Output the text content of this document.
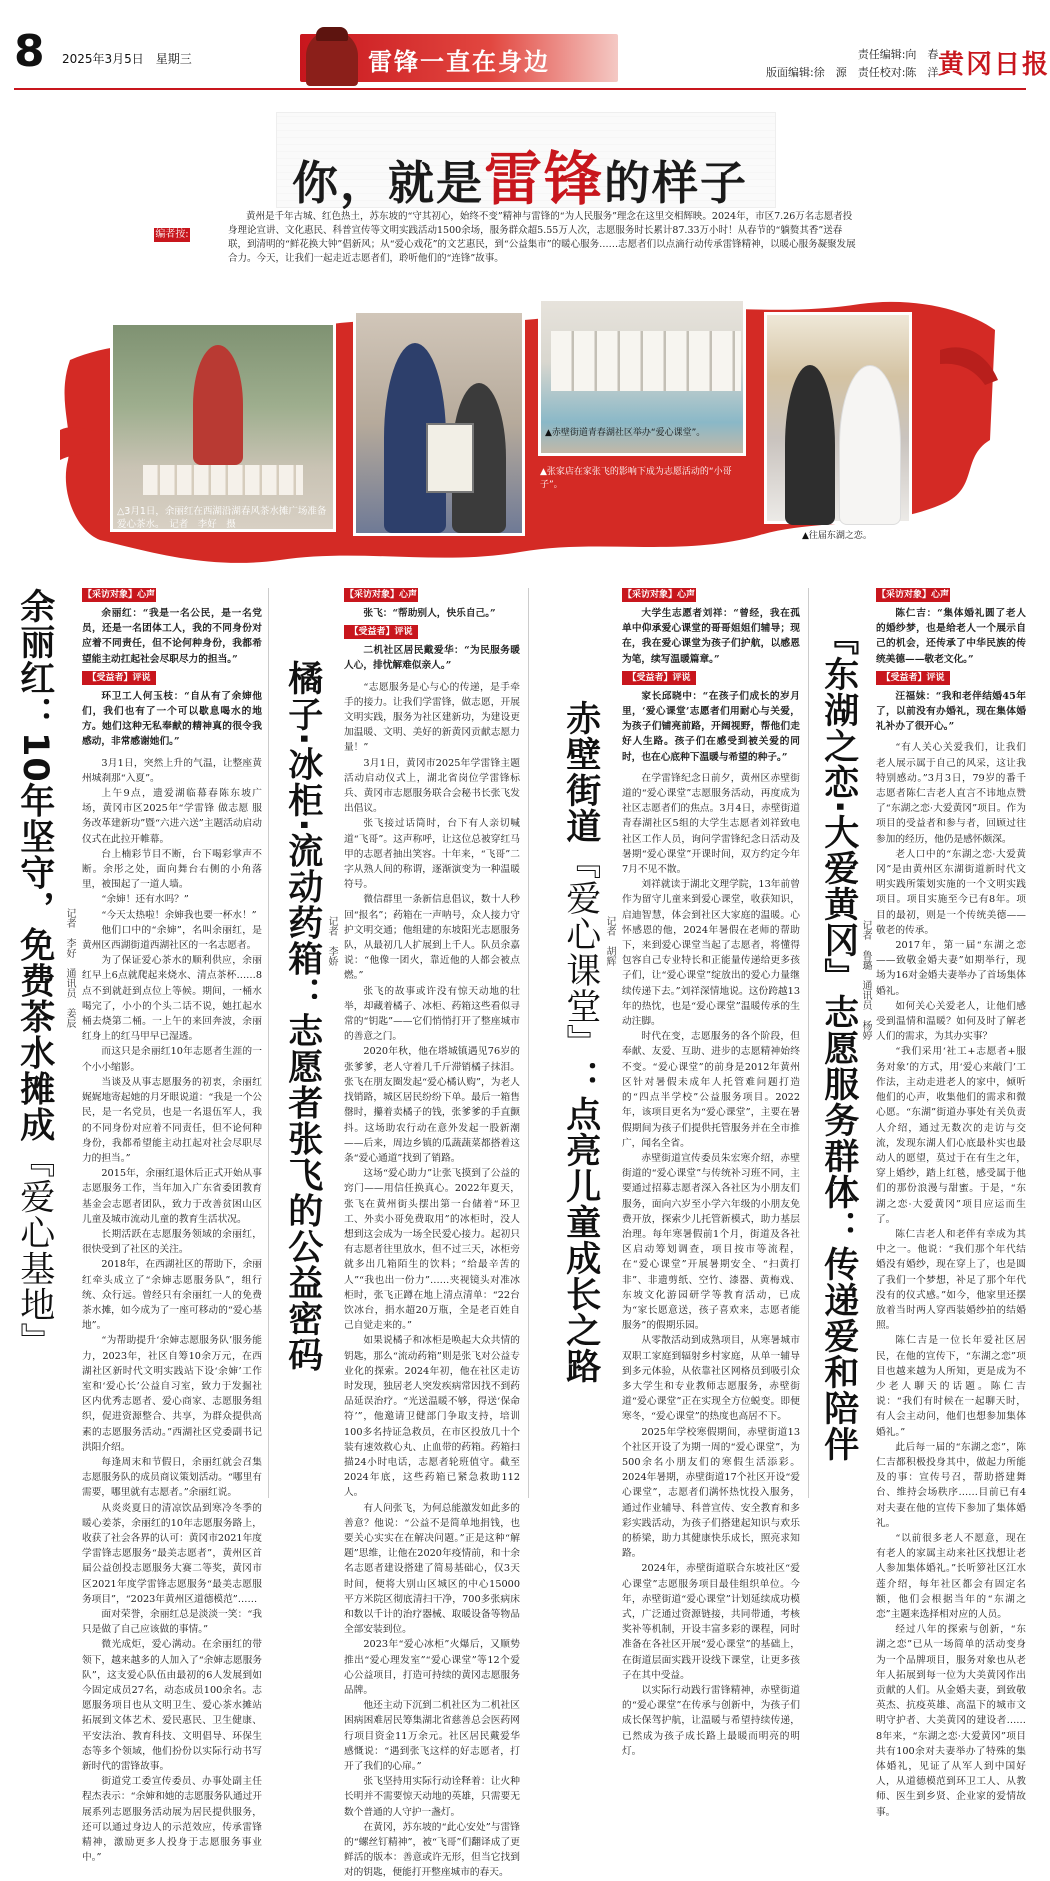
8 2025年3月5日　星期三	雷锋一直在身边	责任编辑:向　春
版面编辑:徐　源　责任校对:陈　洋 黄冈日报
你，就是雷锋的样子
编者按:
黄州是千年古城、红色热土，苏东坡的“守其初心，始终不变”精神与雷锋的“为人民服务”理念在这里交相辉映。2024年，市区7.26万名志愿者投身理论宣讲、文化惠民、科普宣传等文明实践活动1500余场，服务群众超5.55万人次，志愿服务时长累计87.33万小时！从春节的“躺赘其香”送春联，到清明的“鲜花换大钟”倡新风；从“爱心戏花”的文艺惠民，到“公益集市”的暖心服务……志愿者们以点滴行动传承雷锋精神，以暖心服务凝聚发展合力。今天，让我们一起走近志愿者们，聆听他们的“连锋”故事。
△3月1日，余丽红在西湖沿湖春风茶水摊广场准备爱心茶水。　记者　李好　摄
▲赤壁街道青春湖社区举办“爱心课堂”。
▲张家店在家张飞的影响下成为志愿活动的“小哥子”。
▲往届东湖之恋。
余丽红：10年坚守，免费茶水摊成『爱心基地』
记者　李好　通讯员　姜辰
【采访对象】心声

余丽红：“我是一名公民，是一名党员，还是一名团体工人，我的不同身份对应着不同责任，但不论何种身份，我都希望能主动扛起社会尽职尽力的担当。”

【受益者】评说

环卫工人何玉枝：“自从有了余婶他们，我们也有了一个可以歇息喝水的地方。她们这种无私奉献的精神真的很令我感动，非常感谢她们。”

3月1日，突然上升的气温，让整座黄州城刹那“入夏”。

上午9点，遗爱湖临幕春陈东坡广场，黄冈市区2025年“学雷锋 做志愿 服务改革建新功”暨“六进六送”主题活动启动仪式在此拉开帷幕。

台上楠彩节目不断，台下喝彩掌声不断。余彤之处，面向舞台右侧的小角落里，被围起了一道人墙。

“余婶！还有水吗？”

“今天太热啦！余婶我也要一杯水！”

他们口中的“余婶”，名叫余丽红，是黄州区西湖街道西湖社区的一名志愿者。

为了保证爱心茶水的顺利供应，余丽红早上6点就爬起来烧水、清点茶杯……8点不到就赶到点位上等候。期间，一桶水喝完了，小小的个头二话不说，她扛起水桶去烧第二桶。一上午的来回奔波，余丽红身上的红马甲早已湿透。

而这只是余丽红10年志愿者生涯的一个小小缩影。

当谈及从事志愿服务的初衷，余丽红娓娓地寄起她的月牙眼说道：“我是一个公民，是一名党员，也是一名退伍军人，我的不同身份对应着不同责任，但不论何种身份，我都希望能主动扛起对社会尽职尽力的担当。”

2015年，余丽红退休后正式开始从事志愿服务工作，当年加入广东省委团教育基金会志愿者团队，致力于改善贫困山区儿童及城市流动儿童的教育生活状况。

长期活跃在志愿服务领域的余丽红，很快受到了社区的关注。

2018年，在西湖社区的帮助下，余丽红牵头成立了“余婶志愿服务队”，组行统、众行远。曾经只有余丽红一人的免费茶水摊，如今成为了一座可移动的“爱心基地”。

“为帮助提升‘余婶志愿服务队’服务能力，2023年，社区自筹10余万元，在西湖社区新时代文明实践站下设‘余婶’工作室和‘爱心长’公益自习室，致力于发掘社区内优秀志愿者、爱心商家、志愿服务组织，促进资源整合、共享，为群众提供高素的志愿服务活动。”西湖社区党委副书记洪阳介绍。

每逢周末和节假日，余丽红就会召集志愿服务队的成员商议策划活动。“哪里有需要，哪里就有志愿者。”余丽红说。

从炎炎夏日的清凉饮品到寒冷冬季的暖心姜茶，余丽红的10年志愿服务路上，收获了社会各界的认可：黄冈市2021年度学雷锋志愿服务“最美志愿者”，黄州区首届公益创投志愿服务大赛二等奖，黄冈市区2021年度学雷锋志愿服务“最美志愿服务项目”，“2023年黄州区道德模范”……

面对荣誉，余丽红总是淡淡一笑：“我只是做了自己应该做的事情。”

微光成炬，爱心满动。在余丽红的带领下，越来越多的人加入了“余婶志愿服务队”，这支爱心队伍由最初的6人发展到如今固定成员27名，动态成员100余名。志愿服务项目也从文明卫生、爱心茶水摊站拓展到文体艺术、爱民惠民、卫生健康、平安法治、教育科技、文明倡导、环保生态等多个领域，他们扮份以实际行动书写新时代的雷锋故事。

街道党工委宣传委员、办事处副主任程杰表示：“余婶和她的志愿服务队通过开展系列志愿服务活动展为居民提供服务，还可以通过身边人的示范效应，传承雷锋精神，激励更多人投身于志愿服务事业中。”

橘子·冰柜·流动药箱：志愿者张飞的公益密码 记者　李娇
【采访对象】心声

张飞：“帮助别人，快乐自己。”

【受益者】评说

二机社区居民戴爱华：“为民服务暖人心，排忧解难似亲人。”

“志愿服务是心与心的传递，是手牵手的接力。让我们学雷锋，做志愿，开展文明实践，服务为社区建新功，为建设更加温暖、文明、美好的新黄冈贡献志愿力量！”

3月1日，黄冈市2025年学雷锋主题活动启动仪式上，湖北省岗位学雷锋标兵、黄冈市志愿服务联合会秘书长张飞发出倡议。

张飞接过话筒时，台下有人亲切喊道“飞哥”。这声称呼，让这位总被穿红马甲的志愿者抽出笑容。十年来，“飞哥”二字从熟人间的称谓，逐渐演变为一种温暖符号。

微信群里一条新信息倡议，数十人秒回“报名”；药箱在一声呐号，众人接力守护文明交通；他组建的东坡阳光志愿服务队，从最初几人扩展到上千人。队员余嘉说：“他像一团火，靠近他的人都会被点燃。”

张飞的故事或许没有惊天动地的壮举，却藏着橘子、冰柜、药箱这些看似寻常的“钥匙”——它们悄悄打开了整座城市的善意之门。

2020年秋，他在塔城镇遇见76岁的张爹爹，老人守着几千斤滞销橘子抹泪。张飞在朋友圈发起“爱心橘认购”，为老人找销路，城区居民纷纷下单。最后一箱售罄时，攥着卖橘子的钱，张爹爹的手直颤抖。这场助农行动在意外发起一股新潮——后来，周边乡镇的瓜蔬蔬菜都搭着这条“爱心通道”找到了销路。

这场“爱心助力”让张飞摸到了公益的窍门——用信任换真心。2022年夏天，张飞在黄州街头摆出第一台储着“环卫工、外卖小哥免费取用”的冰柜时，没人想到这会成为一场全民爱心接力。起初只有志愿者往里放水，但不过三天，冰柜旁就多出几箱陌生的饮料；“给最辛苦的人”“我也出一份力”……夹视镜头对准冰柜时，张飞正蹲在地上清点清单：“22台饮冰台，捐水超20万瓶，全是老百姓自己自觉走来的。”

如果说橘子和冰柜是唤起大众共情的钥匙，那么“流动药箱”则是张飞对公益专业化的探索。2024年初，他在社区走访时发现，独居老人突发疾病常因找不到药品延误治疗。“光送温暖不够，得送‘保命符’”，他邀请卫健部门争取支持，培训100多名持证急救员，在市区投放几十个装有速效救心丸、止血带的药箱。药箱扫描24小时电话，志愿者轮班值守。截至2024年底，这些药箱已紧急救助112人。

有人问张飞，为何总能激发如此多的善意？他说：“公益不是简单地捐钱，也要关心实实在在解决问题。”正是这种“解题”思维，让他在2020年疫情前，和十余名志愿者建设搭建了简易基础心，仅3天时间，便将大别山区城区的中心15000平方米院区彻底清扫干净，700多张病床和数以千计的治疗器械、取暖设备等物品全部安装到位。

2023年“爱心冰柜”火爆后，又顺势推出“爱心理发室”“爱心课堂”等12个爱心公益项目，打造可持续的黄冈志愿服务品牌。

他还主动下沉到二机社区为二机社区困病困难居民筹集湖北省慈善总会医药网行项目资金11万余元。社区居民戴爱华感慨说：“遇到张飞这样的好志愿者，打开了我们的心扉。”

张飞坚持用实际行动诠释着：让火种长明并不需要惊天动地的英雄，只需要无数个普通的人守护一盏灯。

在黄冈，苏东坡的“此心安处”与雷锋的“螺丝钉精神”，被“飞哥”们翻译成了更鲜活的版本：善意或许无形，但当它找到对的钥匙，便能打开整座城市的春天。

赤壁街道『爱心课堂』：点亮儿童成长之路
记者　胡辉
【采访对象】心声

大学生志愿者刘祥：“曾经，我在孤单中仰承爱心课堂的哥哥姐姐们辅导；现在，我在爱心课堂为孩子们护航，以感恩为笔，续写温暖篇章。”

【受益者】评说

家长邱晓中：“在孩子们成长的岁月里，‘爱心课堂’志愿者们用耐心与关爱，为孩子们铺亮前路，开阔视野，帮他们走好人生路。孩子们在感受到被关爱的同时，也在心底种下温暖与希望的种子。”

在学雷锋纪念日前夕，黄州区赤壁街道的“爱心课堂”志愿服务活动，再度成为社区志愿者们的焦点。3月4日，赤壁街道青春湖社区5组的大学生志愿者刘祥致电社区工作人员，询问学雷锋纪念日活动及暑期“爱心课堂”开课时间，双方约定今年7月不见不散。

刘祥就读于湖北文理学院，13年前曾作为留守儿童来到爱心课堂，收获知识，启迪智慧，体会到社区大家庭的温暖。心怀感恩的他，2024年暑假在老师的帮助下，来到爱心课堂当起了志愿者，将懂得包容自己专业特长和正能量传递给更多孩子们，让“爱心课堂”绽放出的爱心力量继续传递下去。”刘祥深情地说。这份跨越13年的热忱，也是“爱心课堂”温暖传承的生动注脚。

时代在变，志愿服务的各个阶段，但奉献、友爱、互助、进步的志愿精神始终不变。“爱心课堂”的前身是2012年黄州区针对暑假未成年人托管难问题打造的“四点半学校”公益服务项目。2022年，该项目更名为“爱心课堂”，主要在暑假期间为孩子们提供托管服务并在全市推广，闻名全省。

赤壁街道宣传委员朱宏寒介绍，赤壁街道的“爱心课堂”与传统补习班不同，主要通过招募志愿者深入各社区为小朋友们服务，面向六岁至小学六年级的小朋友免费开放，探索少儿托管新模式，助力基层治理。每年寒暑假前1个月，街道及各社区启动筹划调查，项目按市等流程，在“爱心课堂”开展暑期安全、“扫黄打非”、非遗剪纸、空竹、漆器、黄梅戏、东坡文化游园研学等教育活动，已成为“家长愿意送，孩子喜欢来，志愿者能服务”的假期乐园。

从零散活动到成熟项目，从寒暑城市双职工家庭到辐射乡村家庭，从单一辅导到多元体验，从依靠社区网格员到吸引众多大学生和专业教师志愿服务，赤壁街道“爱心课堂”正在实现全方位蜕变。即便寒冬，“爱心课堂”的热度也高居不下。

2025年学校寒假期间，赤壁街道13个社区开设了为期一周的“爱心课堂”，为500余名小朋友们的寒假生活添彩。2024年暑期，赤壁街道17个社区开设“爱心课堂”，志愿者们满怀热忱投入服务，通过作业辅导、科普宣传、安全教育和多彩实践活动，为孩子们搭建起知识与欢乐的桥梁，助力其健康快乐成长，照亮求知路。

2024年，赤壁街道联合东坡社区“爱心课堂”志愿服务项目最佳组织单位。今年，赤壁街道“爱心课堂”计划延续成功模式，广泛通过资源链接，共同带通，考核奖补等机制，开设丰富多彩的课程，同时准备在各社区开展“爱心课堂”的基础上，在街道层面实践开设线下课堂，让更多孩子在其中受益。

以实际行动践行雷锋精神，赤壁街道的“爱心课堂”在传承与创新中，为孩子们成长保驾护航，让温暖与希望持续传递，已然成为孩子成长路上最暖而明亮的明灯。

『东湖之恋·大爱黄冈』志愿服务群体：传递爱和陪伴 记者　鲁璐　通讯员　杨婷
【采访对象】心声

陈仁吉：“集体婚礼圆了老人的婚纱梦，也是给老人一个展示自己的机会，还传承了中华民族的传统美德——敬老文化。”

【受益者】评说

汪福妹：“我和老伴结婚45年了，以前没有办婚礼，现在集体婚礼补办了很开心。”

“有人关心关爱我们，让我们老人展示属于自己的风采，这让我特别感动。”3月3日，79岁的番千志愿者陈仁吉老人直言不讳地点赞了“东湖之恋·大爱黄冈”项目。作为项目的受益者和参与者，回顾过往参加的经历，他仍是感怀颇深。

老人口中的“东湖之恋·大爱黄冈”是由黄州区东湖街道新时代文明实践所策划实施的一个文明实践项目。项目实施至今已有8年。项目的最初，则是一个传统美德——敬老的传承。

2017年，第一届“东湖之恋——致敬金婚夫妻”如期举行，现场为16对金婚夫妻举办了首场集体婚礼。

如何关心关爱老人，让他们感受到温情和温暖？如何及时了解老人们的需求，为其办实事？

“我们采用‘社工+志愿者+服务对象’的方式，用‘爱心来敲门’工作法，主动走进老人的家中，倾听他们的心声，收集他们的需求和微心愿。“东湖”街道办事处有关负责人介绍，通过无数次的走访与交流，发现东湖人们心底最朴实也最动人的愿望，莫过于在有生之年，穿上婚纱，踏上红毯，感受属于他们的那份浪漫与甜蜜。于是，“东湖之恋·大爱黄冈”项目应运而生了。

陈仁吉老人和老伴有幸成为其中之一。他说：“我们那个年代结婚没有婚纱，现在穿上了，也是圆了我们一个梦想，补足了那个年代没有的仪式感。”如今，他家里还摆放着当时两人穿西装婚纱拍的结婚照。

陈仁吉是一位长年爱社区居民，在他的宣传下，“东湖之恋”项目也越来越为人所知，更是成为不少老人聊天的话题。陈仁吉说：“我们有时候在一起聊天时，有人会主动问，他们也想参加集体婚礼。”

此后每一届的“东湖之恋”，陈仁吉都积极投身其中，做起力所能及的事：宣传号召，帮助搭建舞台、维持会场秩序……目前已有4对夫妻在他的宣传下参加了集体婚礼。

“以前很多老人不愿意，现在有老人的家属主动来社区找想让老人参加集体婚礼。”长听箩社区江水莲介绍，每年社区都会有固定名额，他们会根据当年的“东湖之恋”主题来选择相对应的人员。

经过八年的探索与创新，“东湖之恋”已从一场简单的活动变身为一个品牌项目，服务对象也从老年人拓展到每一位为大美黄冈作出贡献的人们。从金婚夫妻，到致敬英杰、抗疫英雄、高温下的城市文明守护者、大美黄冈的建设者……8年来，“东湖之恋·大爱黄冈”项目共有100余对夫妻举办了特殊的集体婚礼，见证了从军人到中国好人，从道德模范到环卫工人、从教师、医生到乡贤、企业家的爱情故事。
